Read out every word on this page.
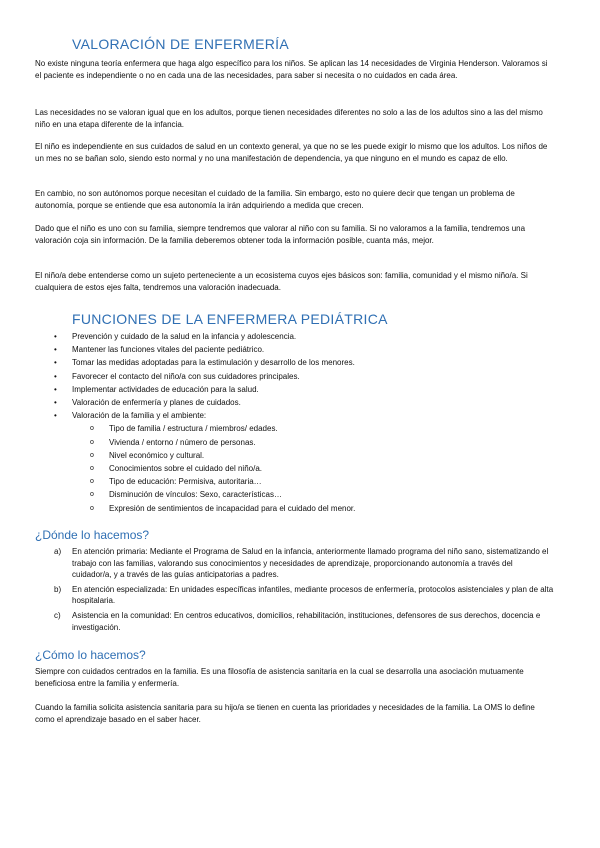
VALORACIÓN DE ENFERMERÍA
No existe ninguna teoría enfermera que haga algo específico para los niños. Se aplican las 14 necesidades de Virginia Henderson. Valoramos si el paciente es independiente o no en cada una de las necesidades, para saber si necesita o no cuidados en cada área.
Las necesidades no se valoran igual que en los adultos, porque tienen necesidades diferentes no solo a las de los adultos sino a las del mismo niño en una etapa diferente de la infancia.
El niño es independiente en sus cuidados de salud en un contexto general, ya que no se les puede exigir lo mismo que los adultos. Los niños de un mes no se bañan solo, siendo esto normal y no una manifestación de dependencia, ya que ninguno en el mundo es capaz de ello.
En cambio, no son autónomos porque necesitan el cuidado de la familia. Sin embargo, esto no quiere decir que tengan un problema de autonomía, porque se entiende que esa autonomía la irán adquiriendo a medida que crecen.
Dado que el niño es uno con su familia, siempre tendremos que valorar al niño con su familia. Si no valoramos a la familia, tendremos una valoración coja sin información. De la familia deberemos obtener toda la información posible, cuanta más, mejor.
El niño/a debe entenderse como un sujeto perteneciente a un ecosistema cuyos ejes básicos son: familia, comunidad y el mismo niño/a. Si cualquiera de estos ejes falta, tendremos una valoración inadecuada.
FUNCIONES DE LA ENFERMERA PEDIÁTRICA
• Prevención y cuidado de la salud en la infancia y adolescencia.
• Mantener las funciones vitales del paciente pediátrico.
• Tomar las medidas adoptadas para la estimulación y desarrollo de los menores.
• Favorecer el contacto del niño/a con sus cuidadores principales.
• Implementar actividades de educación para la salud.
• Valoración de enfermería y planes de cuidados.
• Valoración de la familia y el ambiente:
o Tipo de familia / estructura / miembros/ edades.
o Vivienda / entorno / número de personas.
o Nivel económico y cultural.
o Conocimientos sobre el cuidado del niño/a.
o Tipo de educación: Permisiva, autoritaria…
o Disminución de vínculos: Sexo, características…
o Expresión de sentimientos de incapacidad para el cuidado del menor.
¿Dónde lo hacemos?
a) En atención primaria: Mediante el Programa de Salud en la infancia, anteriormente llamado programa del niño sano, sistematizando el trabajo con las familias, valorando sus conocimientos y necesidades de aprendizaje, proporcionando autonomía a través del cuidador/a, y a través de las guías anticipatorias a padres.
b) En atención especializada: En unidades específicas infantiles, mediante procesos de enfermería, protocolos asistenciales y plan de alta hospitalaria.
c) Asistencia en la comunidad: En centros educativos, domicilios, rehabilitación, instituciones, defensores de sus derechos, docencia e investigación.
¿Cómo lo hacemos?
Siempre con cuidados centrados en la familia. Es una filosofía de asistencia sanitaria en la cual se desarrolla una asociación mutuamente beneficiosa entre la familia y enfermería.
Cuando la familia solicita asistencia sanitaria para su hijo/a se tienen en cuenta las prioridades y necesidades de la familia. La OMS lo define como el aprendizaje basado en el saber hacer.
